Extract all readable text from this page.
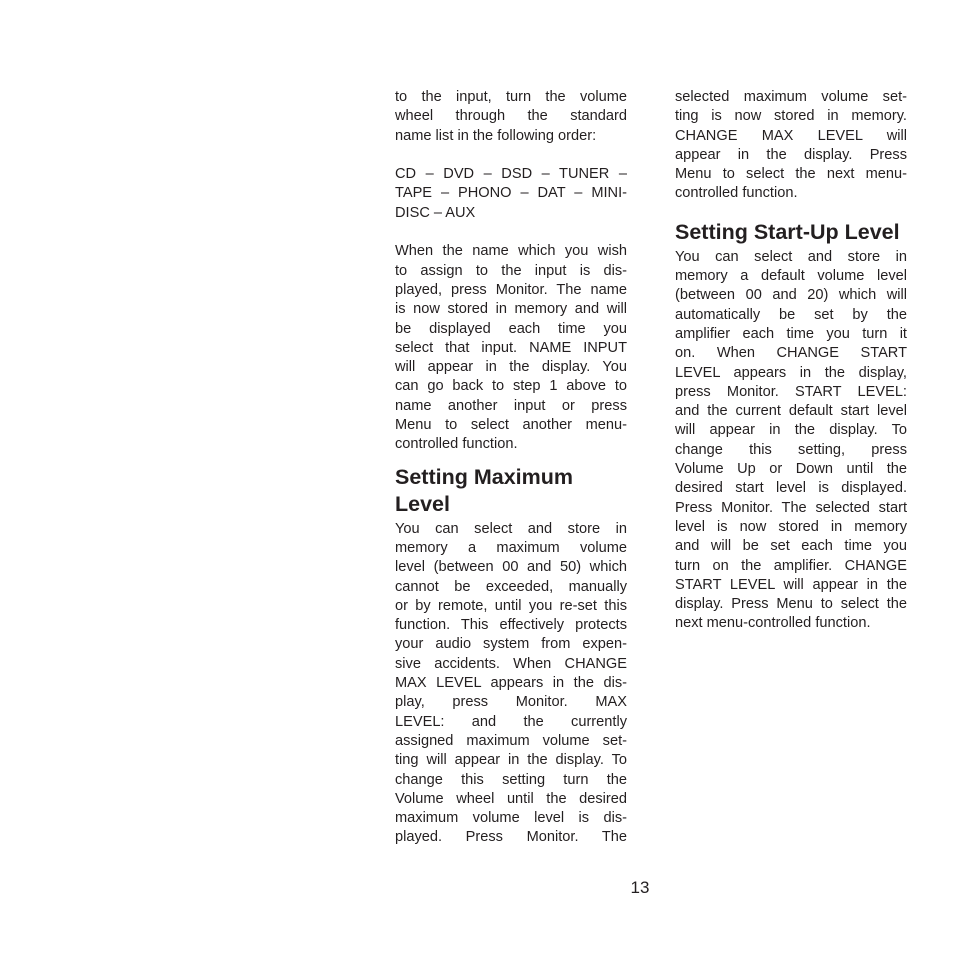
to the input, turn the volume
wheel through the standard
name list in the following order:
CD – DVD – DSD – TUNER –
TAPE – PHONO – DAT – MINI-
DISC – AUX
When the name which you wish
to assign to the input is dis-
played, press Monitor. The name
is now stored in memory and will
be displayed each time you
select that input. NAME INPUT
will appear in the display. You
can go back to step 1 above to
name another input or press
Menu to select another menu-
controlled function.
Setting Maximum
Level
You can select and store in
memory a maximum volume
level (between 00 and 50) which
cannot be exceeded, manually
or by remote, until you re-set this
function. This effectively protects
your audio system from expen-
sive accidents. When CHANGE
MAX LEVEL appears in the dis-
play, press Monitor. MAX
LEVEL: and the currently
assigned maximum volume set-
ting will appear in the display. To
change this setting turn the
Volume wheel until the desired
maximum volume level is dis-
played. Press Monitor. The
selected maximum volume set-
ting is now stored in memory.
CHANGE MAX LEVEL will
appear in the display. Press
Menu to select the next menu-
controlled function.
Setting Start-Up Level
You can select and store in
memory a default volume level
(between 00 and 20) which will
automatically be set by the
amplifier each time you turn it
on. When CHANGE START
LEVEL appears in the display,
press Monitor. START LEVEL:
and the current default start level
will appear in the display. To
change this setting, press
Volume Up or Down until the
desired start level is displayed.
Press Monitor. The selected start
level is now stored in memory
and will be set each time you
turn on the amplifier. CHANGE
START LEVEL will appear in the
display. Press Menu to select the
next menu-controlled function.
13
